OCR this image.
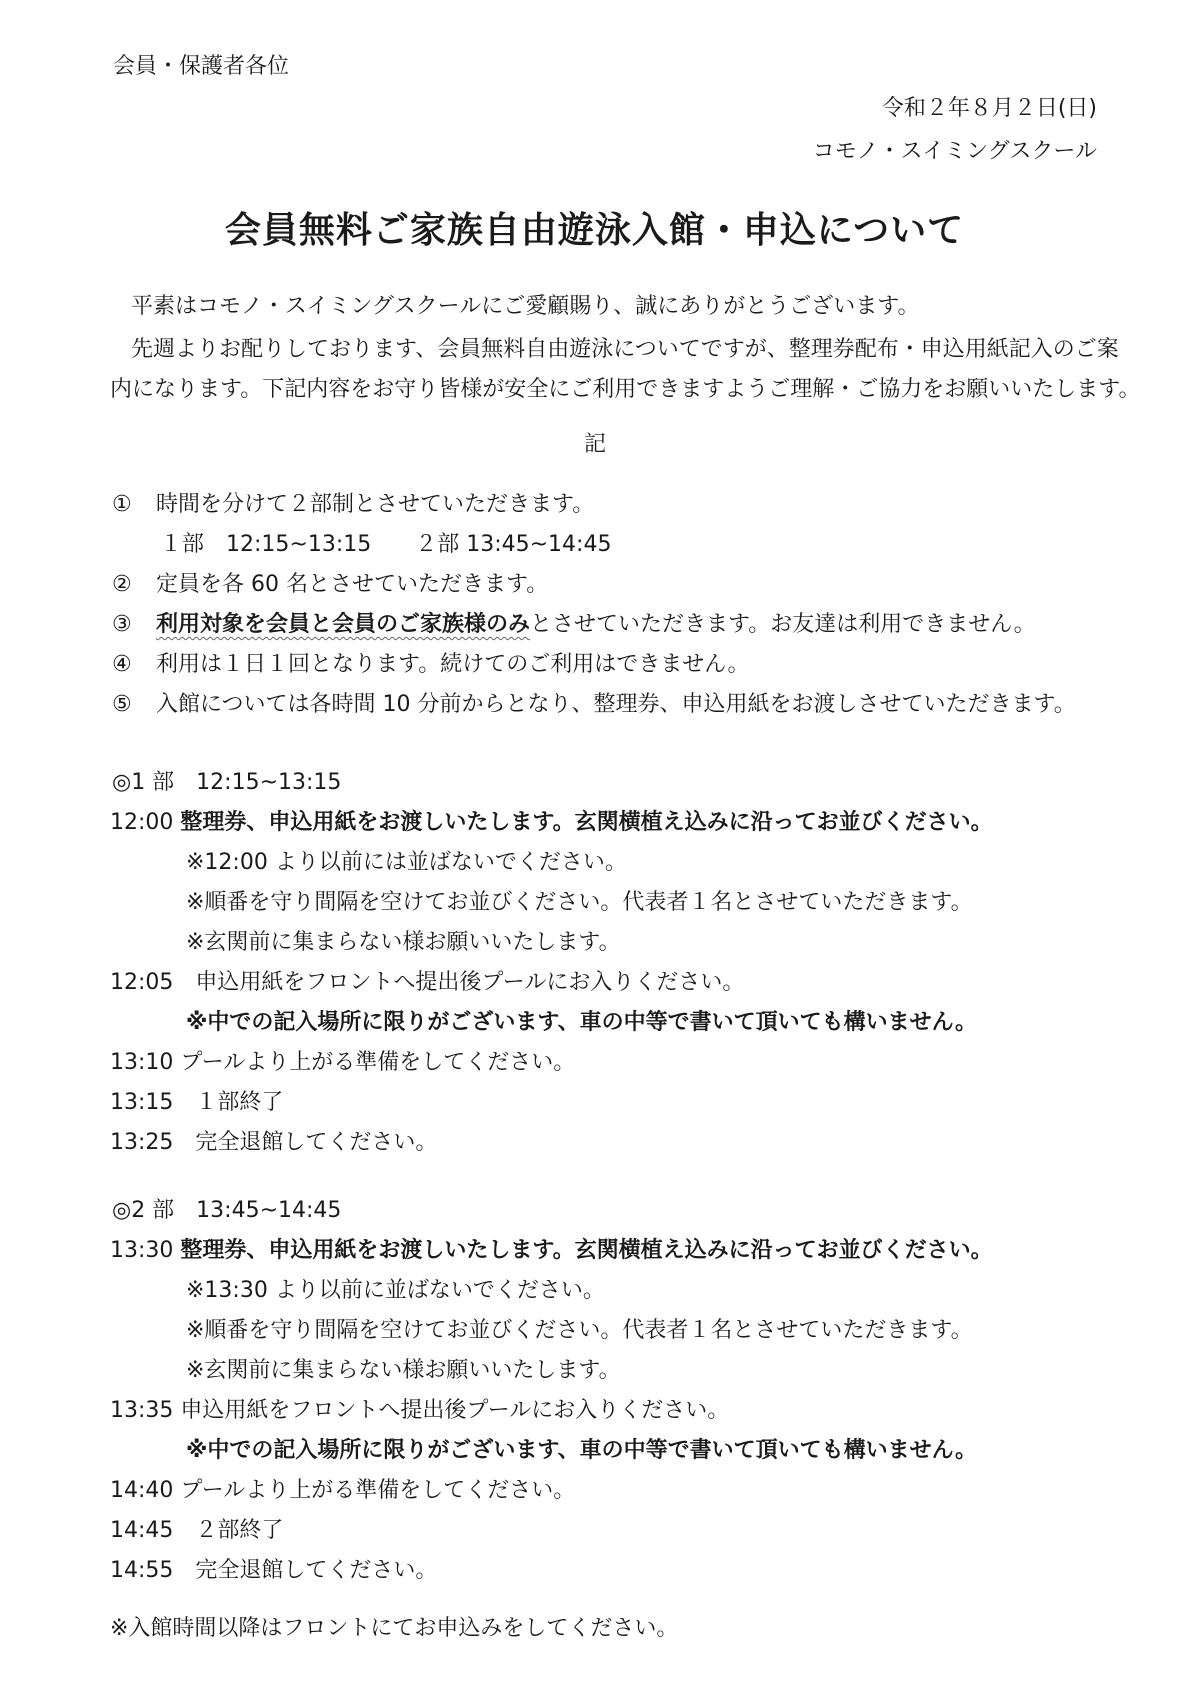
会員・保護者各位
令和２年８月２日(日)
コモノ・スイミングスクール
会員無料ご家族自由遊泳入館・申込について
平素はコモノ・スイミングスクールにご愛顧賜り、誠にありがとうございます。
先週よりお配りしております、会員無料自由遊泳についてですが、整理券配布・申込用紙記入のご案
内になります。下記内容をお守り皆様が安全にご利用できますようご理解・ご協力をお願いいたします。
記
① 時間を分けて２部制とさせていただきます。
１部　12:15~13:15　　２部 13:45~14:45
② 定員を各 60 名とさせていただきます。
③ 利用対象を会員と会員のご家族様のみとさせていただきます。お友達は利用できません。
④ 利用は１日１回となります。続けてのご利用はできません。
⑤ 入館については各時間 10 分前からとなり、整理券、申込用紙をお渡しさせていただきます。
◎1 部　12:15~13:15
12:00 整理券、申込用紙をお渡しいたします。玄関横植え込みに沿ってお並びください。
※12:00 より以前には並ばないでください。
※順番を守り間隔を空けてお並びください。代表者１名とさせていただきます。
※玄関前に集まらない様お願いいたします。
12:05　 申込用紙をフロントへ提出後プールにお入りください。
※中での記入場所に限りがございます、車の中等で書いて頂いても構いません。
13:10 プールより上がる準備をしてください。
13:15　 １部終了
13:25　 完全退館してください。
◎2 部　13:45~14:45
13:30 整理券、申込用紙をお渡しいたします。玄関横植え込みに沿ってお並びください。
※13:30 より以前に並ばないでください。
※順番を守り間隔を空けてお並びください。代表者１名とさせていただきます。
※玄関前に集まらない様お願いいたします。
13:35 申込用紙をフロントへ提出後プールにお入りください。
※中での記入場所に限りがございます、車の中等で書いて頂いても構いません。
14:40 プールより上がる準備をしてください。
14:45　 ２部終了
14:55　 完全退館してください。
※入館時間以降はフロントにてお申込みをしてください。
